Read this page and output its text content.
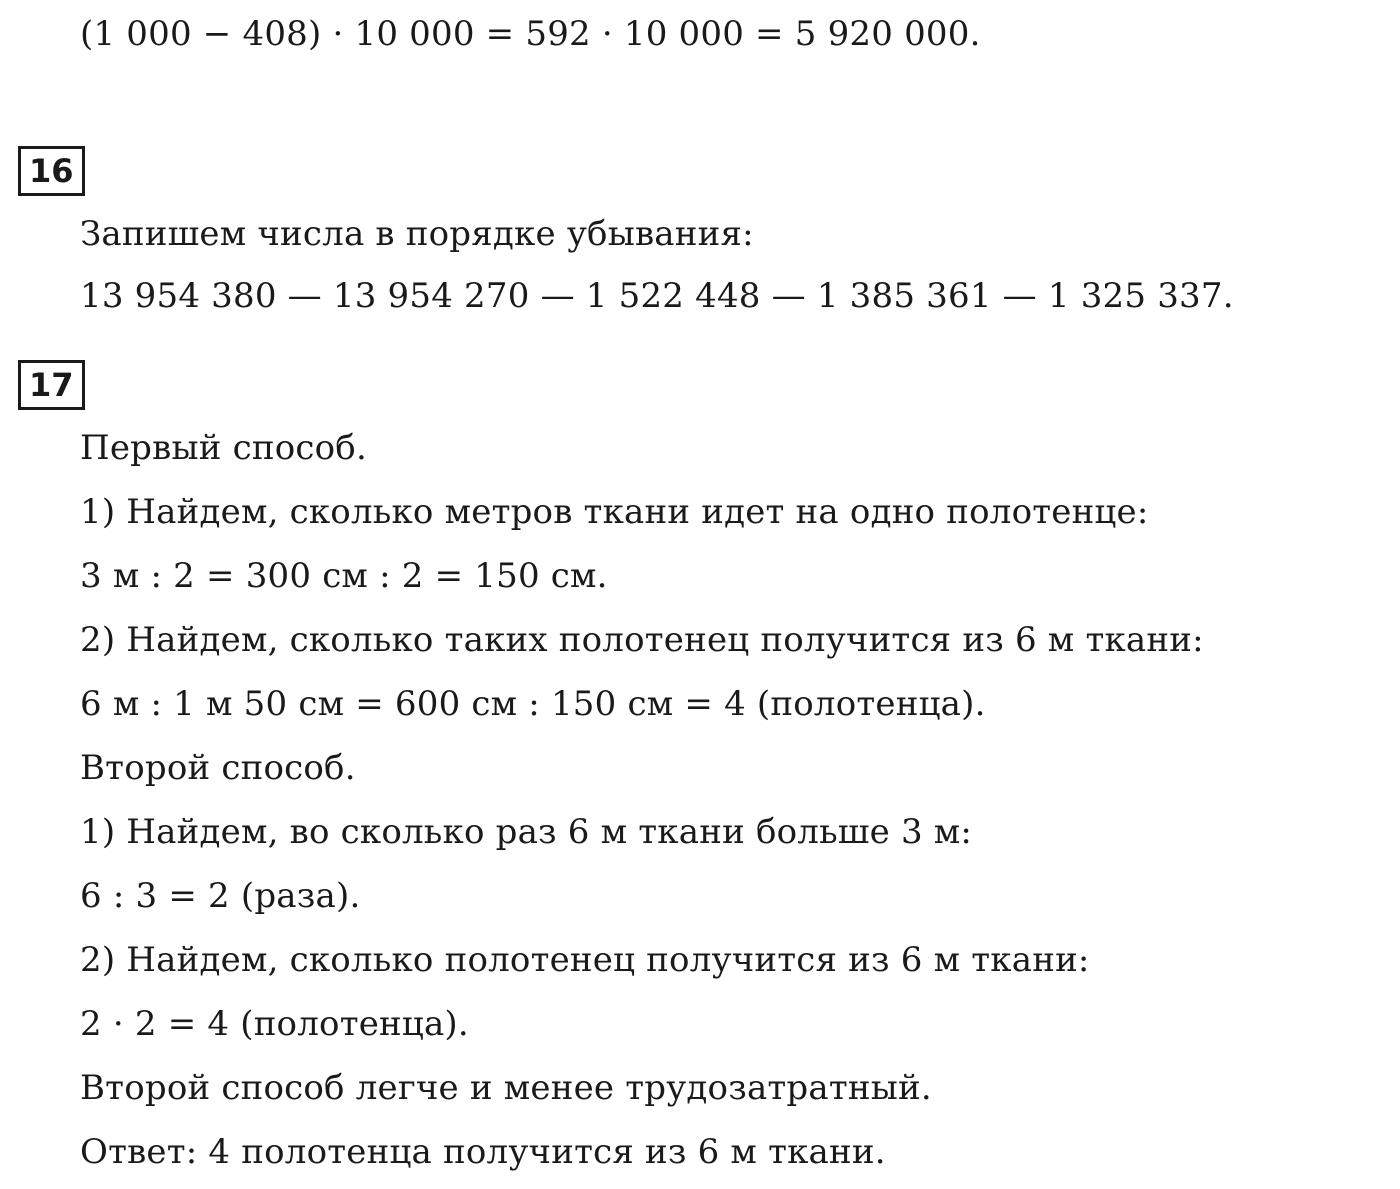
(1 000 − 408) · 10 000 = 592 · 10 000 = 5 920 000.
16
Запишем числа в порядке убывания:
13 954 380 — 13 954 270 — 1 522 448 — 1 385 361 — 1 325 337.
17
Первый способ.
1) Найдем, сколько метров ткани идет на одно полотенце:
3 м : 2 = 300 см : 2 = 150 см.
2) Найдем, сколько таких полотенец получится из 6 м ткани:
6 м : 1 м 50 см = 600 см : 150 см = 4 (полотенца).
Второй способ.
1) Найдем, во сколько раз 6 м ткани больше 3 м:
6 : 3 = 2 (раза).
2) Найдем, сколько полотенец получится из 6 м ткани:
2 · 2 = 4 (полотенца).
Второй способ легче и менее трудозатратный.
Ответ: 4 полотенца получится из 6 м ткани.
